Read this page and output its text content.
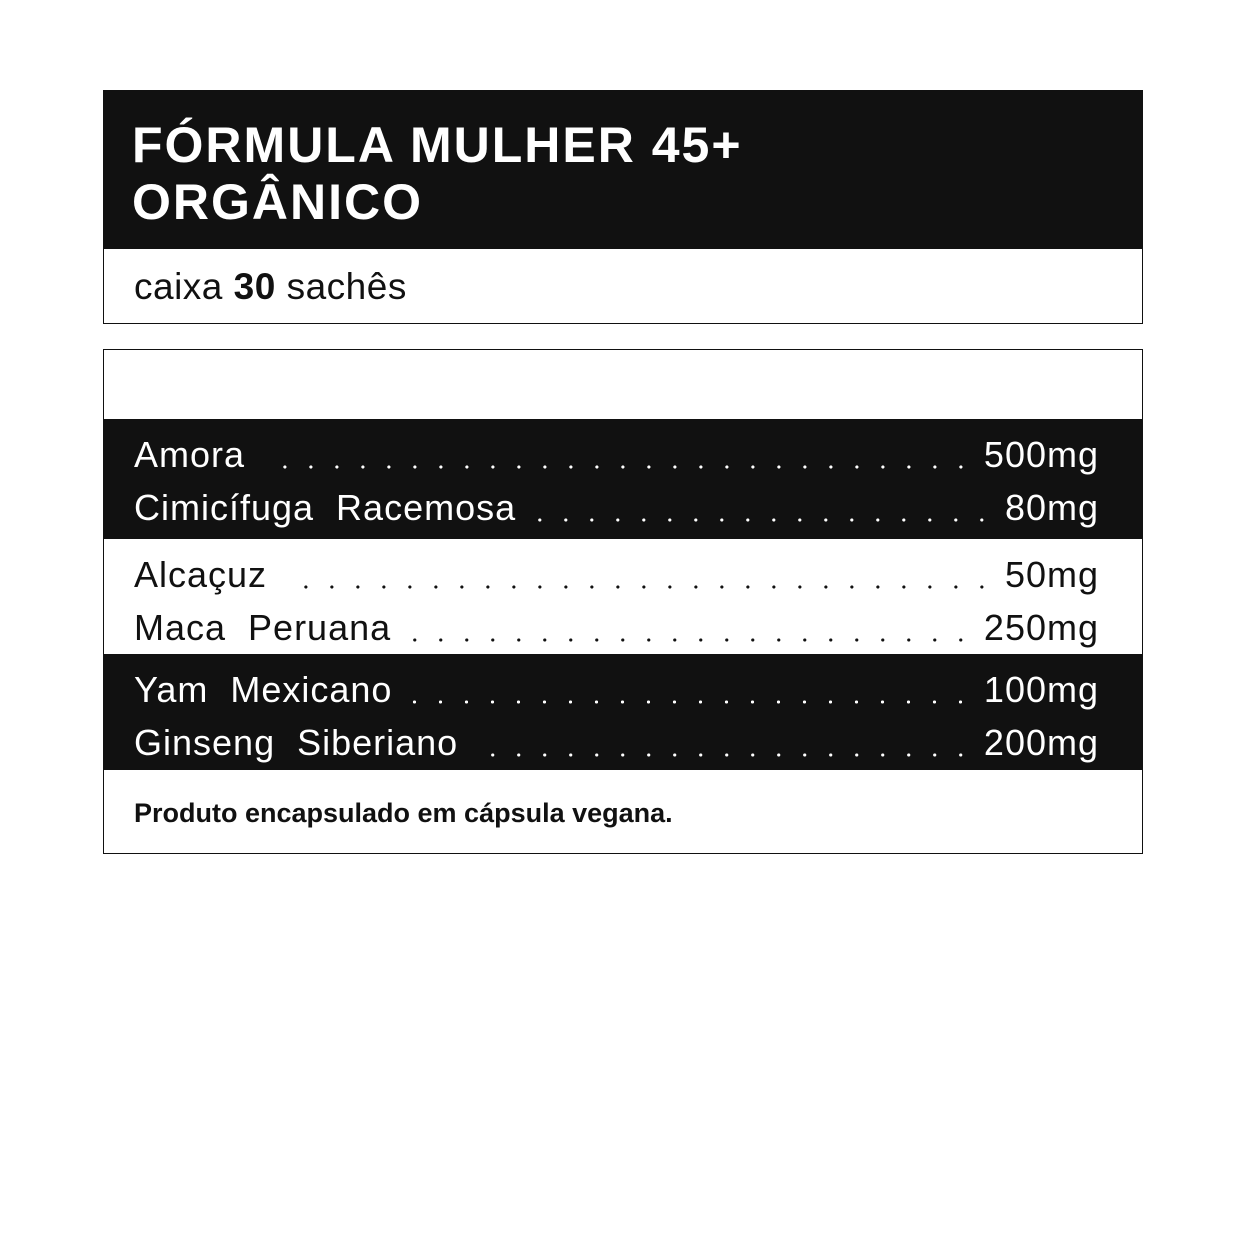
FÓRMULA MULHER 45+
ORGÂNICO
caixa 30 sachês
Amora	500mg
Cimicífuga  Racemosa	80mg
Alcaçuz	50mg
Maca  Peruana	250mg
Yam  Mexicano	100mg
Ginseng  Siberiano	200mg
Produto encapsulado em cápsula vegana.
